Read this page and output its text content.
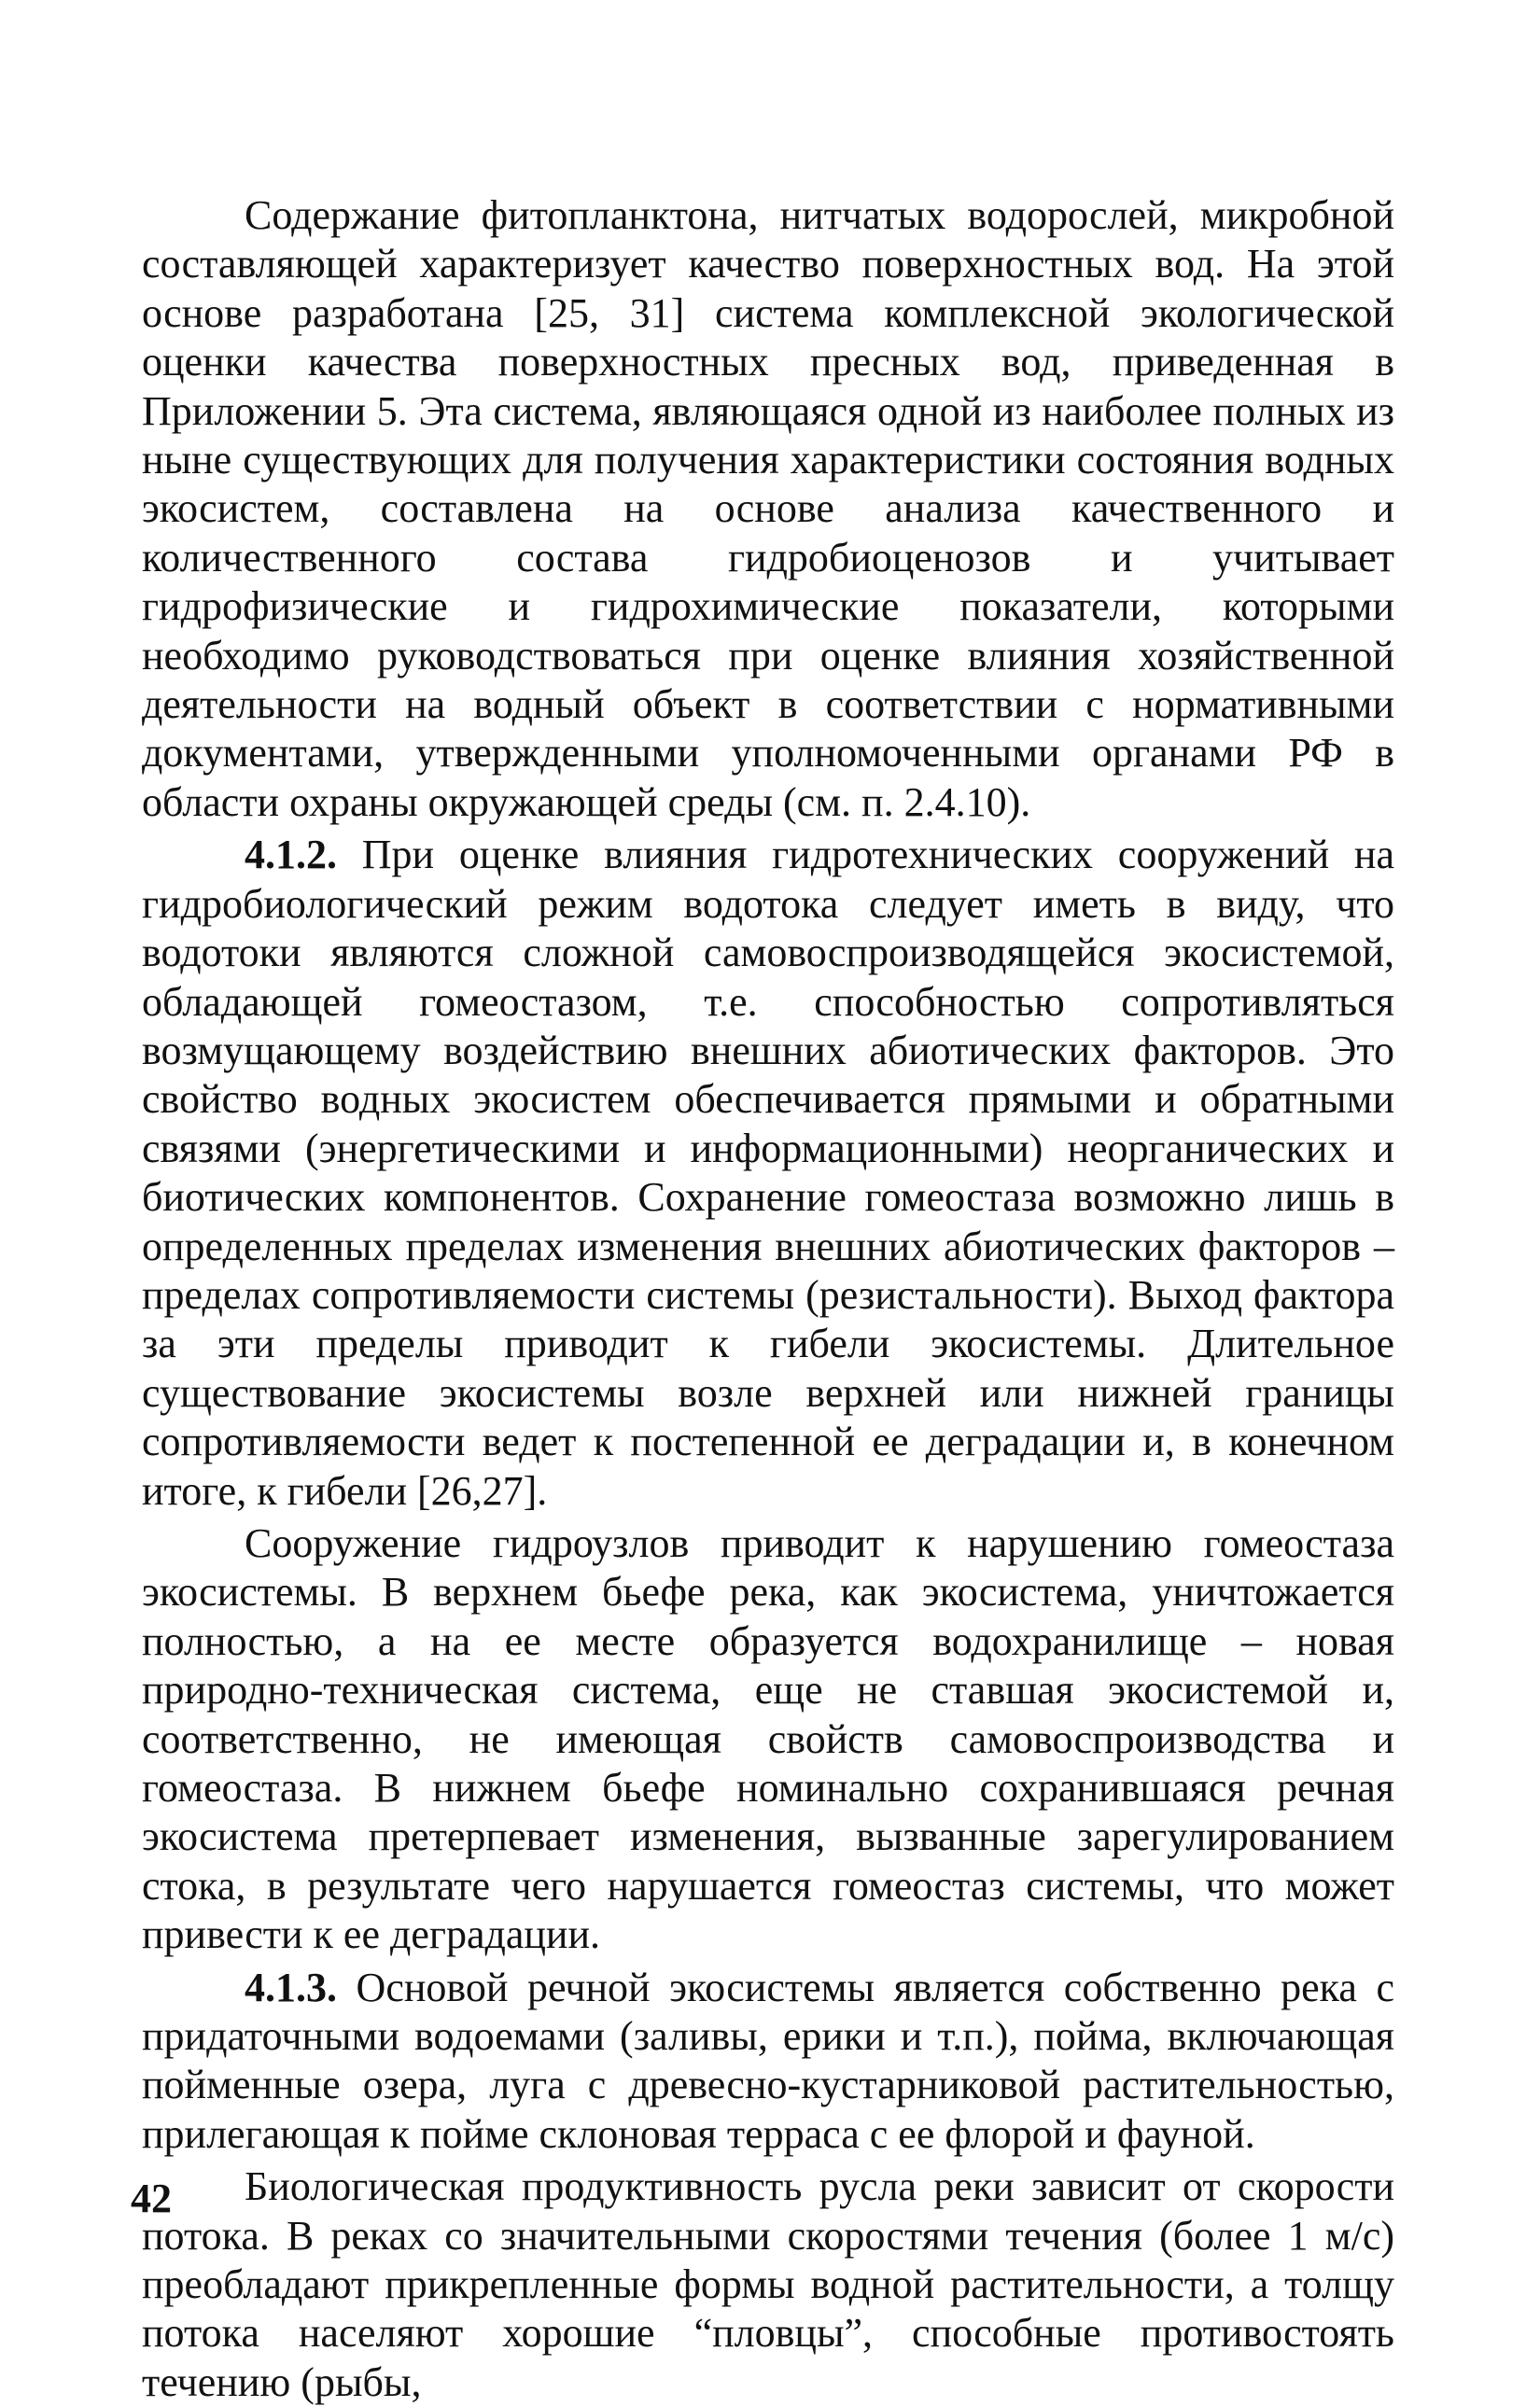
Содержание фитопланктона, нитчатых водорослей, микробной составляющей характеризует качество поверхностных вод. На этой основе разработана [25, 31] система комплексной экологической оценки качества поверхностных пресных вод, приведенная в Приложении 5. Эта система, являющаяся одной из наиболее полных из ныне существующих для получения характеристики состояния водных экосистем, составлена на основе анализа качественного и количественного состава гидробиоценозов и учитывает гидрофизические и гидрохимические показатели, которыми необходимо руководствоваться при оценке влияния хозяйственной деятельности на водный объект в соответствии с нормативными документами, утвержденными уполномоченными органами РФ в области охраны окружающей среды (см. п. 2.4.10).

4.1.2. При оценке влияния гидротехнических сооружений на гидробиологический режим водотока следует иметь в виду, что водотоки являются сложной самовоспроизводящейся экосистемой, обладающей гомеостазом, т.е. способностью сопротивляться возмущающему воздействию внешних абиотических факторов. Это свойство водных экосистем обеспечивается прямыми и обратными связями (энергетическими и информационными) неорганических и биотических компонентов. Сохранение гомеостаза возможно лишь в определенных пределах изменения внешних абиотических факторов – пределах сопротивляемости системы (резистальности). Выход фактора за эти пределы приводит к гибели экосистемы. Длительное существование экосистемы возле верхней или нижней границы сопротивляемости ведет к постепенной ее деградации и, в конечном итоге, к гибели [26,27].

Сооружение гидроузлов приводит к нарушению гомеостаза экосистемы. В верхнем бьефе река, как экосистема, уничтожается полностью, а на ее месте образуется водохранилище – новая природно-техническая система, еще не ставшая экосистемой и, соответственно, не имеющая свойств самовоспроизводства и гомеостаза. В нижнем бьефе номинально сохранившаяся речная экосистема претерпевает изменения, вызванные зарегулированием стока, в результате чего нарушается гомеостаз системы, что может привести к ее деградации.

4.1.3. Основой речной экосистемы является собственно река с придаточными водоемами (заливы, ерики и т.п.), пойма, включающая пойменные озера, луга с древесно-кустарниковой растительностью, прилегающая к пойме склоновая терраса с ее флорой и фауной.

Биологическая продуктивность русла реки зависит от скорости потока. В реках со значительными скоростями течения (более 1 м/с) преобладают прикрепленные формы водной растительности, а толщу потока населяют хорошие “пловцы”, способные противостоять течению (рыбы,

42
